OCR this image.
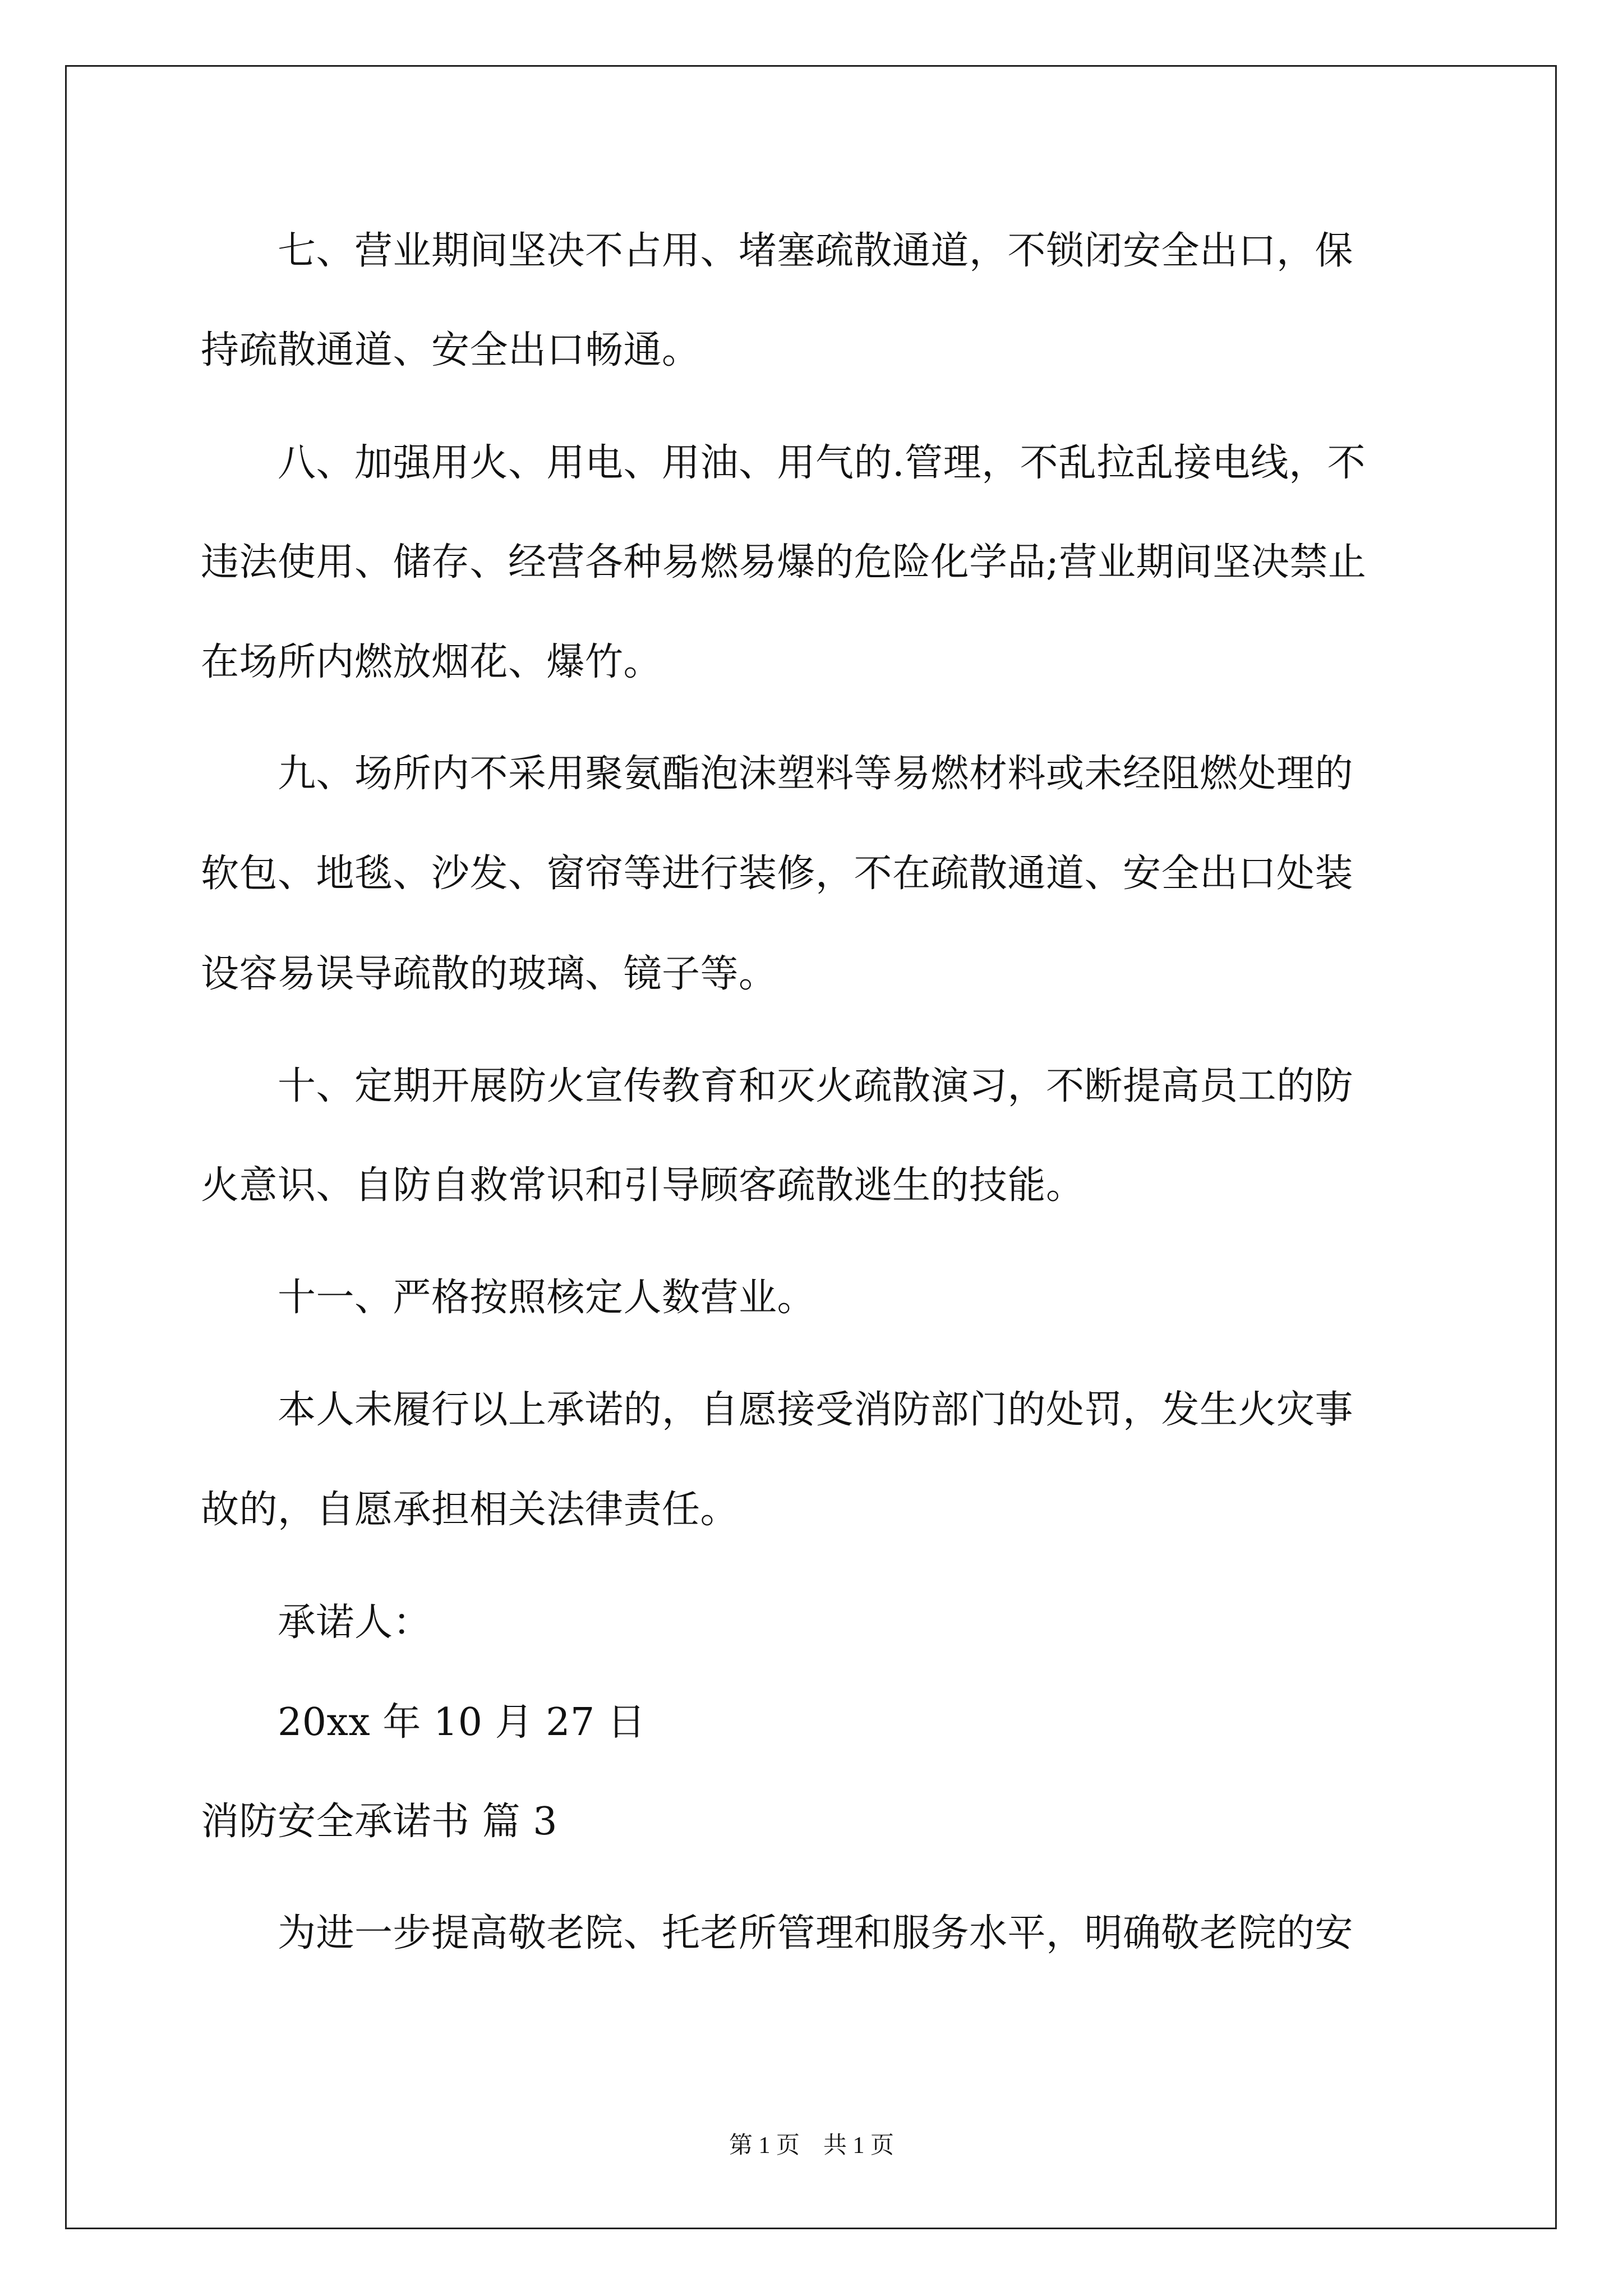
　　七、营业期间坚决不占用、堵塞疏散通道，不锁闭安全出口，保
持疏散通道、安全出口畅通。
　　八、加强用火、用电、用油、用气的.管理，不乱拉乱接电线，不
违法使用、储存、经营各种易燃易爆的危险化学品;营业期间坚决禁止
在场所内燃放烟花、爆竹。
　　九、场所内不采用聚氨酯泡沫塑料等易燃材料或未经阻燃处理的
软包、地毯、沙发、窗帘等进行装修，不在疏散通道、安全出口处装
设容易误导疏散的玻璃、镜子等。
　　十、定期开展防火宣传教育和灭火疏散演习，不断提高员工的防
火意识、自防自救常识和引导顾客疏散逃生的技能。
　　十一、严格按照核定人数营业。
　　本人未履行以上承诺的，自愿接受消防部门的处罚，发生火灾事
故的，自愿承担相关法律责任。
　　承诺人：
　　20xx 年 10 月 27 日
消防安全承诺书 篇 3
　　为进一步提高敬老院、托老所管理和服务水平，明确敬老院的安
第 1 页　共 1 页
